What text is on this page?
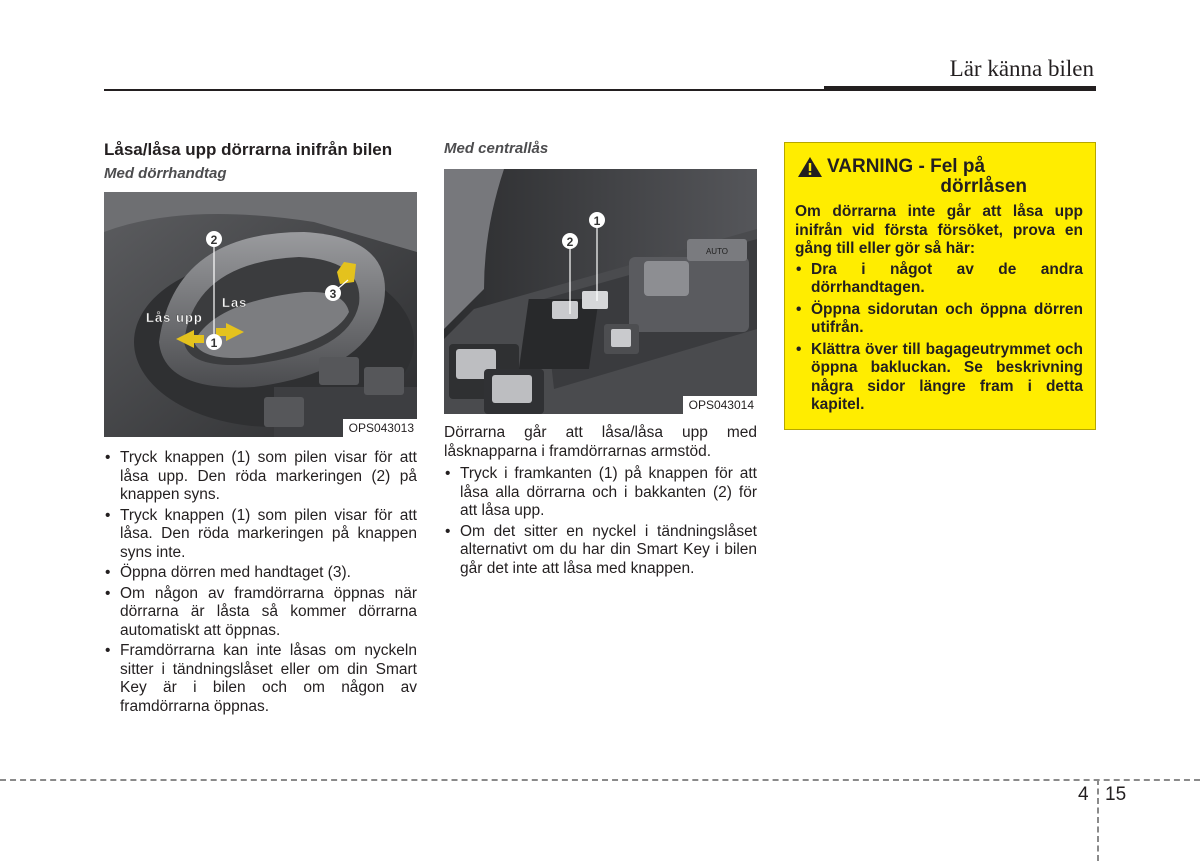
Lär känna bilen
Låsa/låsa upp dörrarna inifrån bilen
Med dörrhandtag
2
1
3
Lås upp
Las
OPS043013
• Tryck knappen (1) som pilen visar för att låsa upp. Den röda markeringen (2) på knappen syns.
• Tryck knappen (1) som pilen visar för att låsa. Den röda markeringen på knappen syns inte.
• Öppna dörren med handtaget (3).
• Om någon av framdörrarna öppnas när dörrarna är låsta så kommer dörrarna automatiskt att öppnas.
• Framdörrarna kan inte låsas om nyckeln sitter i tändningslåset eller om din Smart Key är i bilen och om någon av framdörrarna öppnas.
Med centrallås
AUTO
2
1
OPS043014

Dörrarna går att låsa/låsa upp med låsknapparna i framdörrarnas armstöd.

• Tryck i framkanten (1) på knappen för att låsa alla dörrarna och i bakkanten (2) för att låsa upp.
• Om det sitter en nyckel i tändningslåset alternativt om du har din Smart Key i bilen går det inte att låsa med knappen.
VARNING - Fel på
dörrlåsen
Om dörrarna inte går att låsa upp inifrån vid första försöket, prova en gång till eller gör så här:
• Dra i något av de andra dörrhandtagen.
• Öppna sidorutan och öppna dörren utifrån.
• Klättra över till bagageutrymmet och öppna bakluckan. Se beskrivning några sidor längre fram i detta kapitel.
4 15
